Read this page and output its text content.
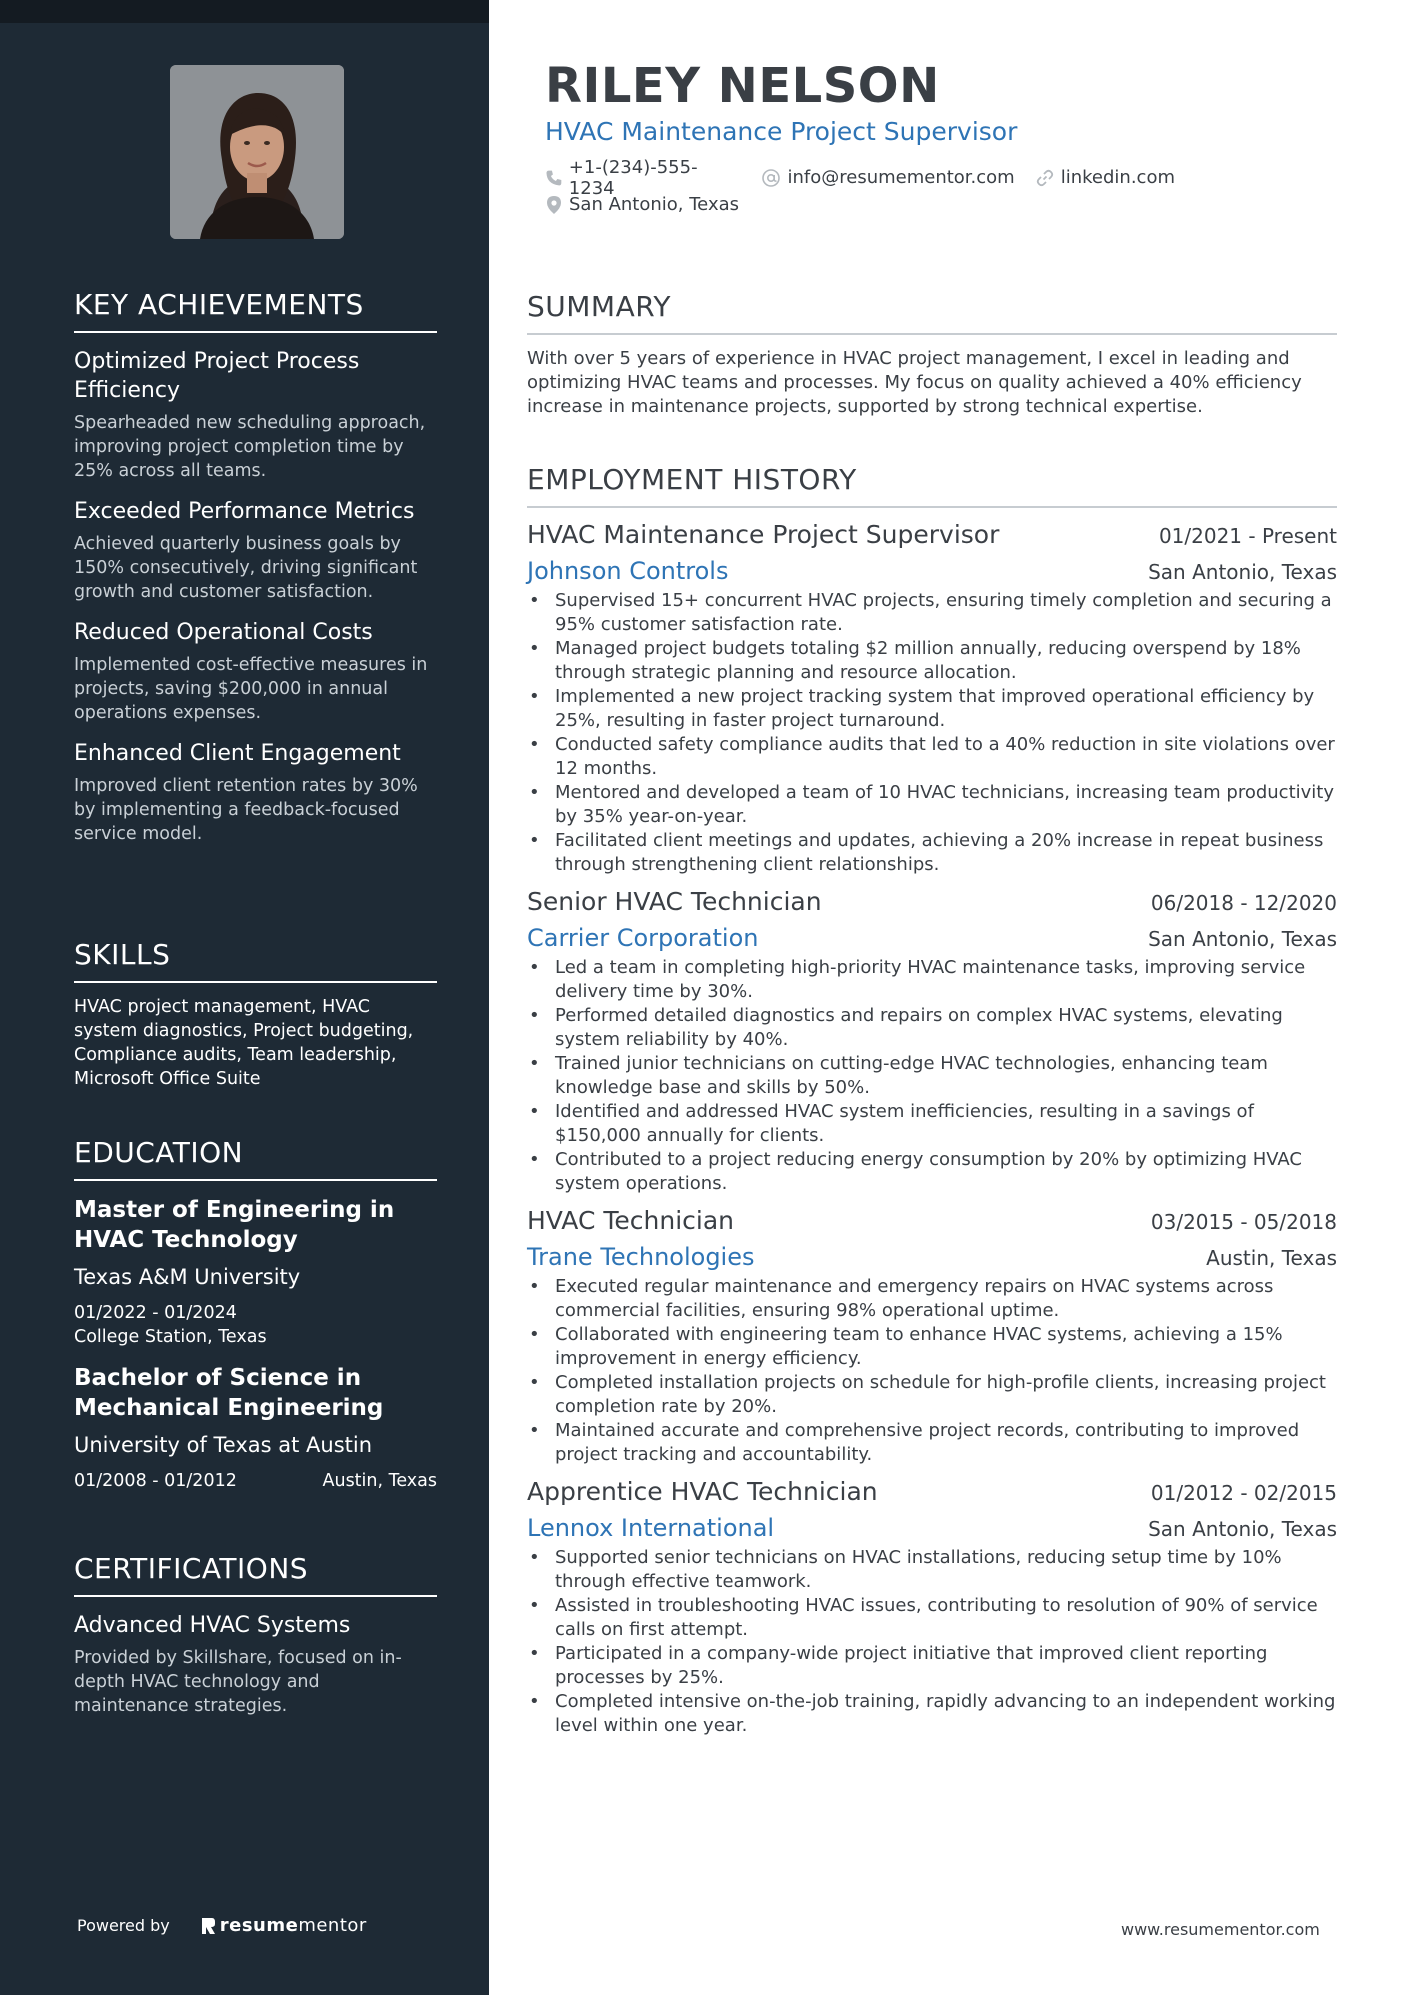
KEY ACHIEVEMENTS
Optimized Project Process Efficiency
Spearheaded new scheduling approach, improving project completion time by 25% across all teams.
Exceeded Performance Metrics
Achieved quarterly business goals by 150% consecutively, driving significant growth and customer satisfaction.
Reduced Operational Costs
Implemented cost-effective measures in projects, saving $200,000 in annual operations expenses.
Enhanced Client Engagement
Improved client retention rates by 30% by implementing a feedback-focused service model.
SKILLS
HVAC project management, HVAC system diagnostics, Project budgeting, Compliance audits, Team leadership, Microsoft Office Suite
EDUCATION
Master of Engineering in HVAC Technology
Texas A&M University
01/2022 - 01/2024
College Station, Texas
Bachelor of Science in Mechanical Engineering
University of Texas at Austin
01/2008 - 01/2012	Austin, Texas
CERTIFICATIONS
Advanced HVAC Systems
Provided by Skillshare, focused on in-depth HVAC technology and maintenance strategies.
Powered by	resume mentor
RILEY NELSON
HVAC Maintenance Project Supervisor
+1-(234)-555-1234	info@resumementor.com	linkedin.com
San Antonio, Texas
SUMMARY
With over 5 years of experience in HVAC project management, I excel in leading and optimizing HVAC teams and processes. My focus on quality achieved a 40% efficiency increase in maintenance projects, supported by strong technical expertise.
EMPLOYMENT HISTORY
HVAC Maintenance Project Supervisor	01/2021 - Present
Johnson Controls	San Antonio, Texas
• Supervised 15+ concurrent HVAC projects, ensuring timely completion and securing a 95% customer satisfaction rate.
• Managed project budgets totaling $2 million annually, reducing overspend by 18% through strategic planning and resource allocation.
• Implemented a new project tracking system that improved operational efficiency by 25%, resulting in faster project turnaround.
• Conducted safety compliance audits that led to a 40% reduction in site violations over 12 months.
• Mentored and developed a team of 10 HVAC technicians, increasing team productivity by 35% year-on-year.
• Facilitated client meetings and updates, achieving a 20% increase in repeat business through strengthening client relationships.
Senior HVAC Technician	06/2018 - 12/2020
Carrier Corporation	San Antonio, Texas
• Led a team in completing high-priority HVAC maintenance tasks, improving service delivery time by 30%.
• Performed detailed diagnostics and repairs on complex HVAC systems, elevating system reliability by 40%.
• Trained junior technicians on cutting-edge HVAC technologies, enhancing team knowledge base and skills by 50%.
• Identified and addressed HVAC system inefficiencies, resulting in a savings of $150,000 annually for clients.
• Contributed to a project reducing energy consumption by 20% by optimizing HVAC system operations.
HVAC Technician	03/2015 - 05/2018
Trane Technologies	Austin, Texas
• Executed regular maintenance and emergency repairs on HVAC systems across commercial facilities, ensuring 98% operational uptime.
• Collaborated with engineering team to enhance HVAC systems, achieving a 15% improvement in energy efficiency.
• Completed installation projects on schedule for high-profile clients, increasing project completion rate by 20%.
• Maintained accurate and comprehensive project records, contributing to improved project tracking and accountability.
Apprentice HVAC Technician	01/2012 - 02/2015
Lennox International	San Antonio, Texas
• Supported senior technicians on HVAC installations, reducing setup time by 10% through effective teamwork.
• Assisted in troubleshooting HVAC issues, contributing to resolution of 90% of service calls on first attempt.
• Participated in a company-wide project initiative that improved client reporting processes by 25%.
• Completed intensive on-the-job training, rapidly advancing to an independent working level within one year.
www.resumementor.com
